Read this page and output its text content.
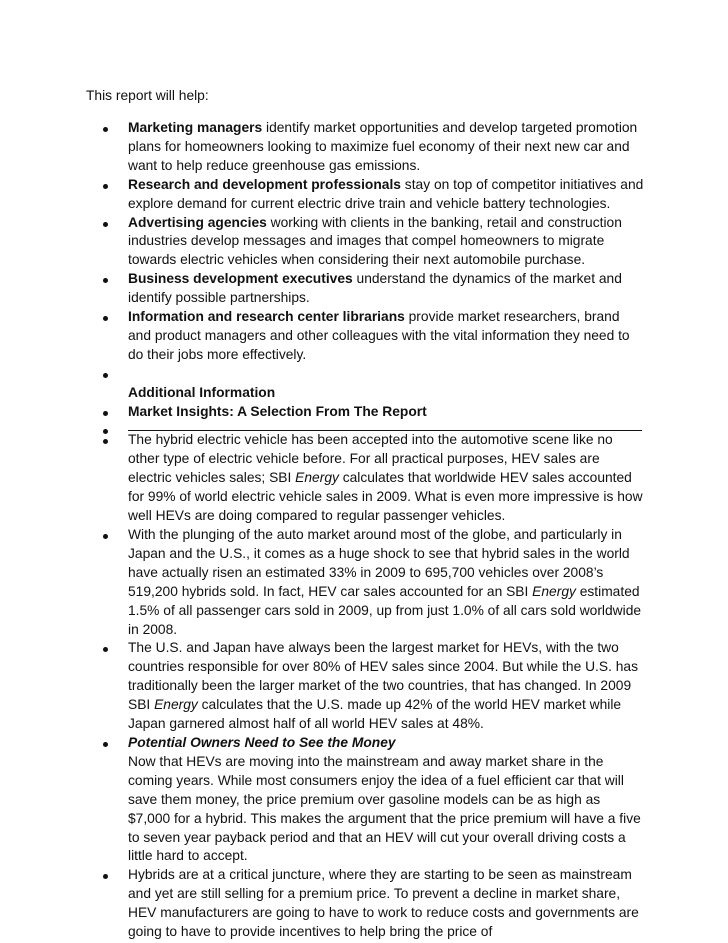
This report will help:

Marketing managers identify market opportunities and develop targeted promotion plans for homeowners looking to maximize fuel economy of their next new car and want to help reduce greenhouse gas emissions.
Research and development professionals stay on top of competitor initiatives and explore demand for current electric drive train and vehicle battery technologies.
Advertising agencies working with clients in the banking, retail and construction industries develop messages and images that compel homeowners to migrate towards electric vehicles when considering their next automobile purchase.
Business development executives understand the dynamics of the market and identify possible partnerships.
Information and research center librarians provide market researchers, brand and product managers and other colleagues with the vital information they need to do their jobs more effectively.
Additional Information
Market Insights: A Selection From The Report
The hybrid electric vehicle has been accepted into the automotive scene like no other type of electric vehicle before. For all practical purposes, HEV sales are electric vehicles sales; SBI Energy calculates that worldwide HEV sales accounted for 99% of world electric vehicle sales in 2009. What is even more impressive is how well HEVs are doing compared to regular passenger vehicles.
With the plunging of the auto market around most of the globe, and particularly in Japan and the U.S., it comes as a huge shock to see that hybrid sales in the world have actually risen an estimated 33% in 2009 to 695,700 vehicles over 2008’s 519,200 hybrids sold. In fact, HEV car sales accounted for an SBI Energy estimated 1.5% of all passenger cars sold in 2009, up from just 1.0% of all cars sold worldwide in 2008.
The U.S. and Japan have always been the largest market for HEVs, with the two countries responsible for over 80% of HEV sales since 2004. But while the U.S. has traditionally been the larger market of the two countries, that has changed. In 2009 SBI Energy calculates that the U.S. made up 42% of the world HEV market while Japan garnered almost half of all world HEV sales at 48%.
Potential Owners Need to See the Money
Now that HEVs are moving into the mainstream and away market share in the coming years. While most consumers enjoy the idea of a fuel efficient car that will save them money, the price premium over gasoline models can be as high as $7,000 for a hybrid. This makes the argument that the price premium will have a five to seven year payback period and that an HEV will cut your overall driving costs a little hard to accept.
Hybrids are at a critical juncture, where they are starting to be seen as mainstream and yet are still selling for a premium price. To prevent a decline in market share, HEV manufacturers are going to have to work to reduce costs and governments are going to have to provide incentives to help bring the price of
